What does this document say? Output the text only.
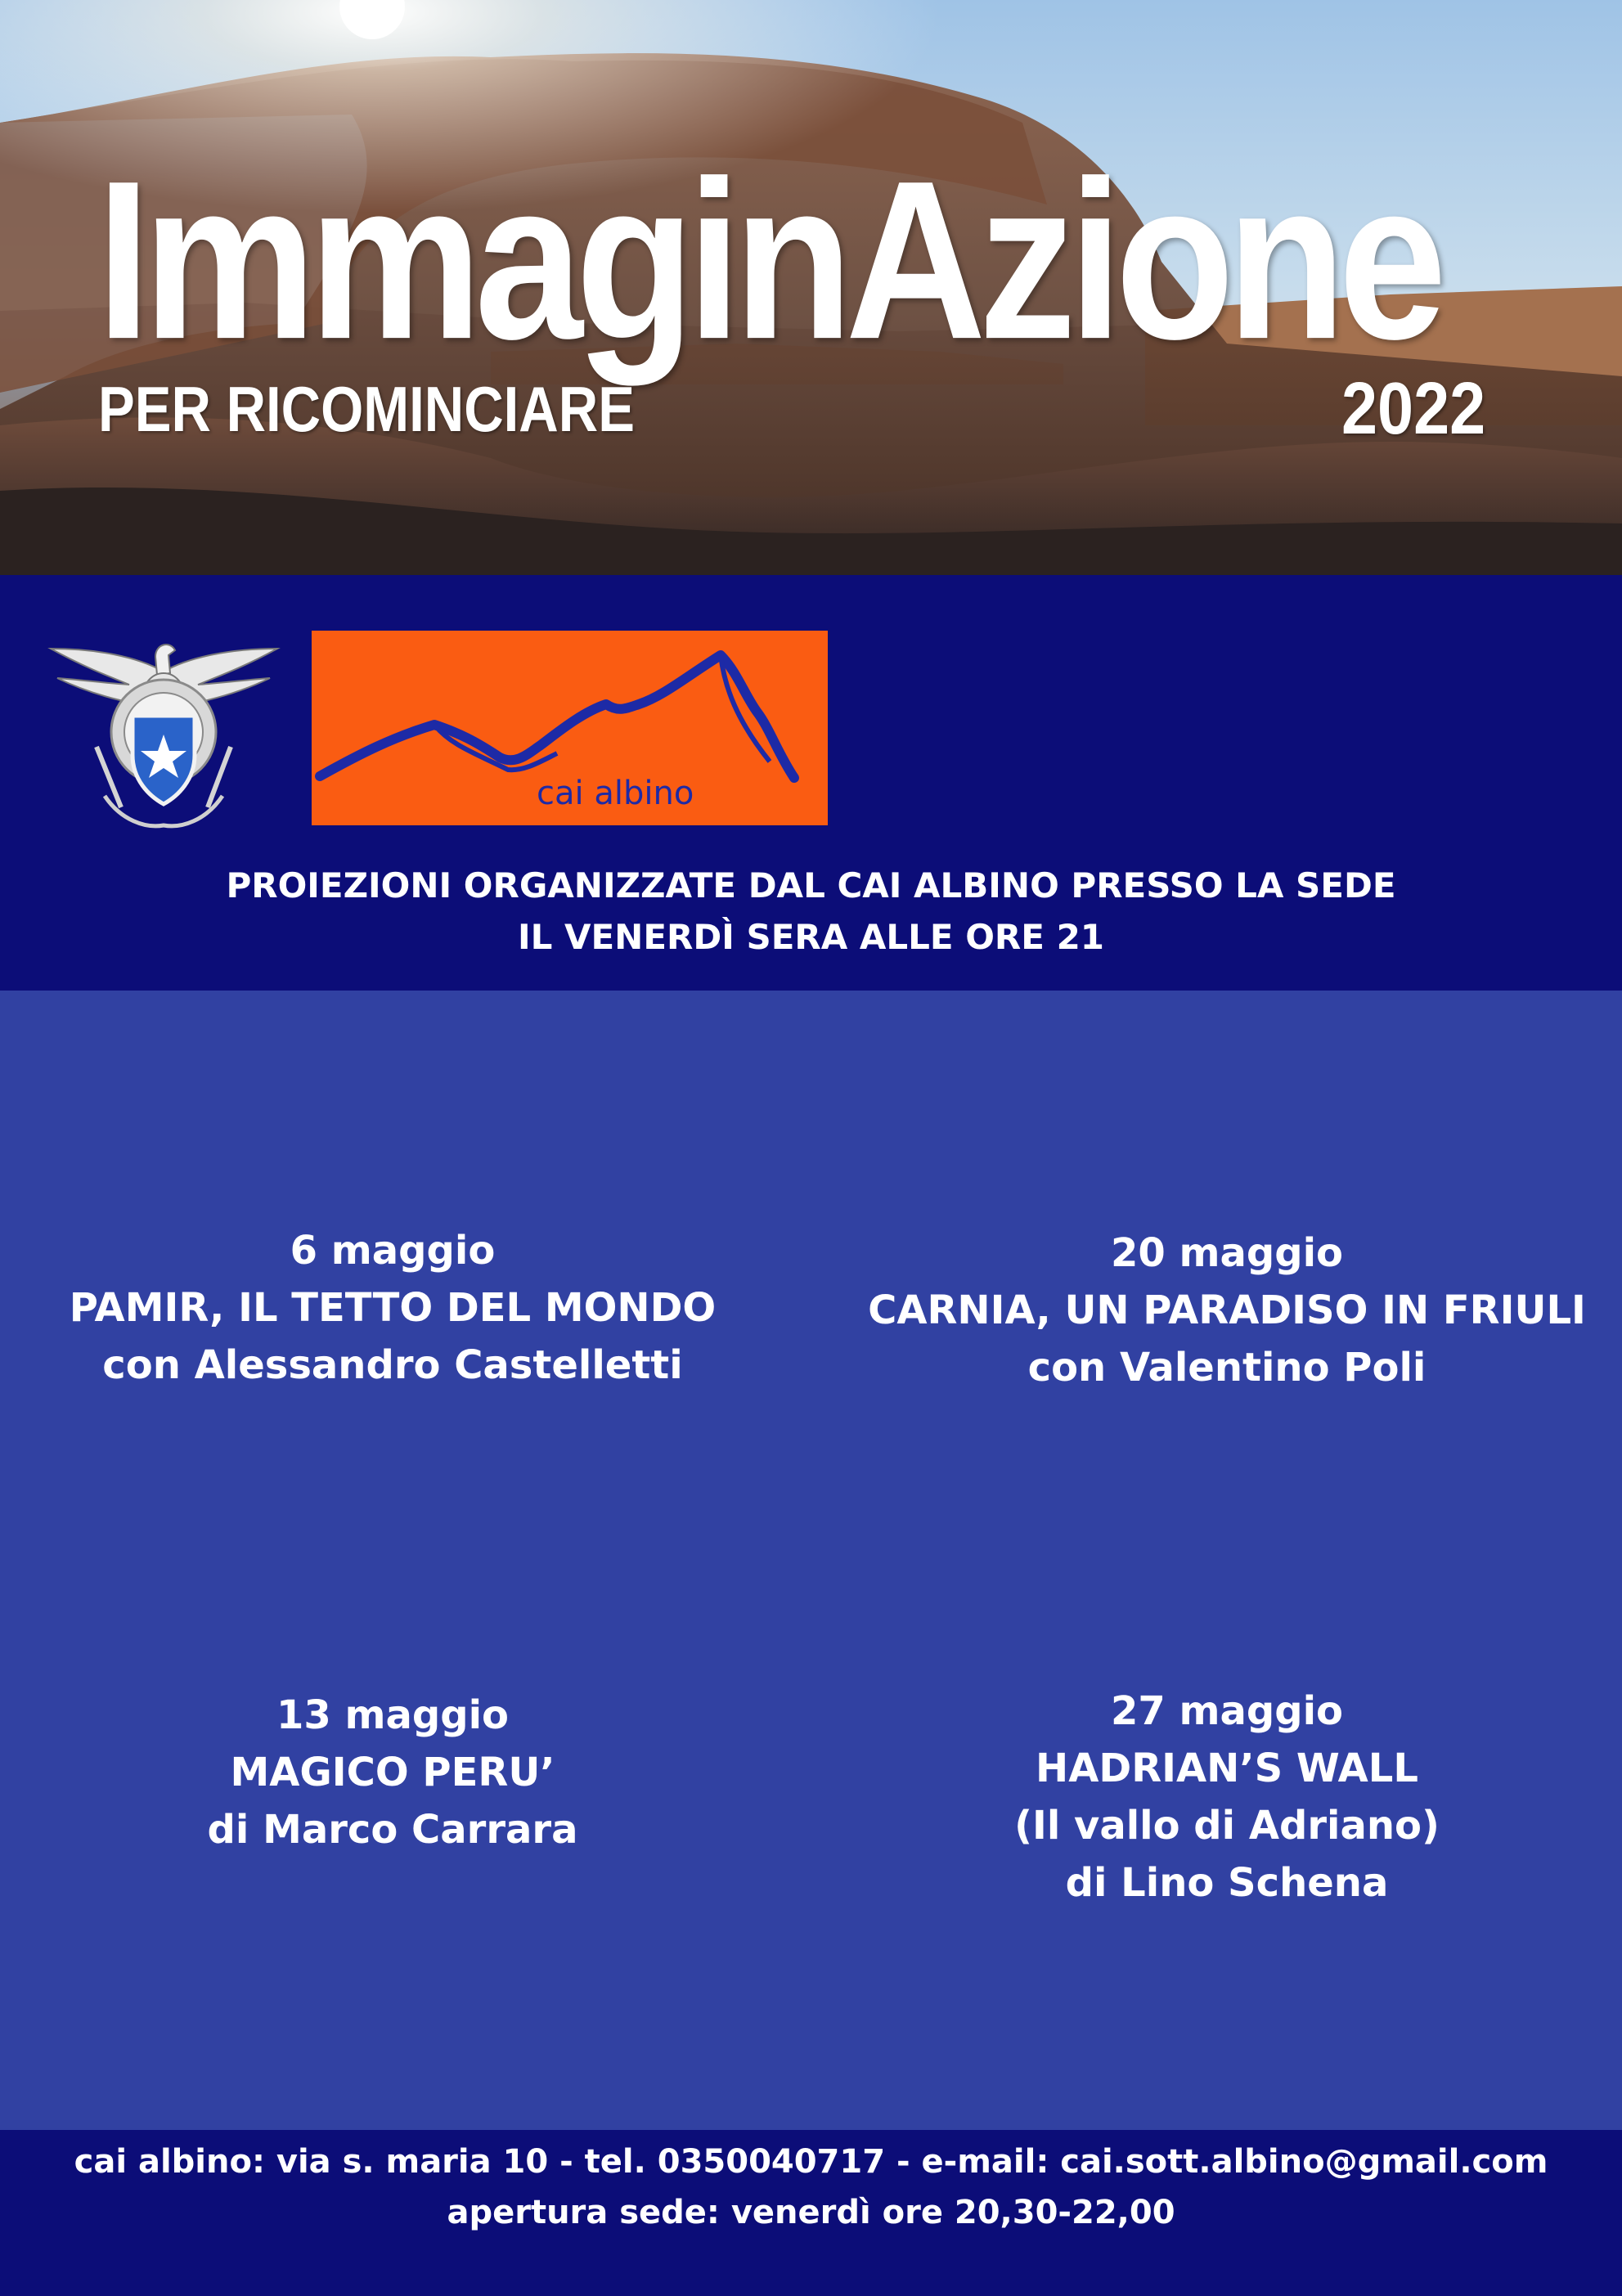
ImmaginAzione
PER RICOMINCIARE	2022
cai albino
PROIEZIONI ORGANIZZATE DAL CAI ALBINO PRESSO LA SEDE
IL VENERDÌ SERA ALLE ORE 21
6 maggio
PAMIR, IL TETTO DEL MONDO
con Alessandro Castelletti
20 maggio
CARNIA, UN PARADISO IN FRIULI
con Valentino Poli
13 maggio
MAGICO PERU’
di Marco Carrara
27 maggio
HADRIAN’S WALL
(Il vallo di Adriano)
di Lino Schena
cai albino: via s. maria 10 - tel. 0350040717 - e-mail: cai.sott.albino@gmail.com
apertura sede: venerdì ore 20,30-22,00
